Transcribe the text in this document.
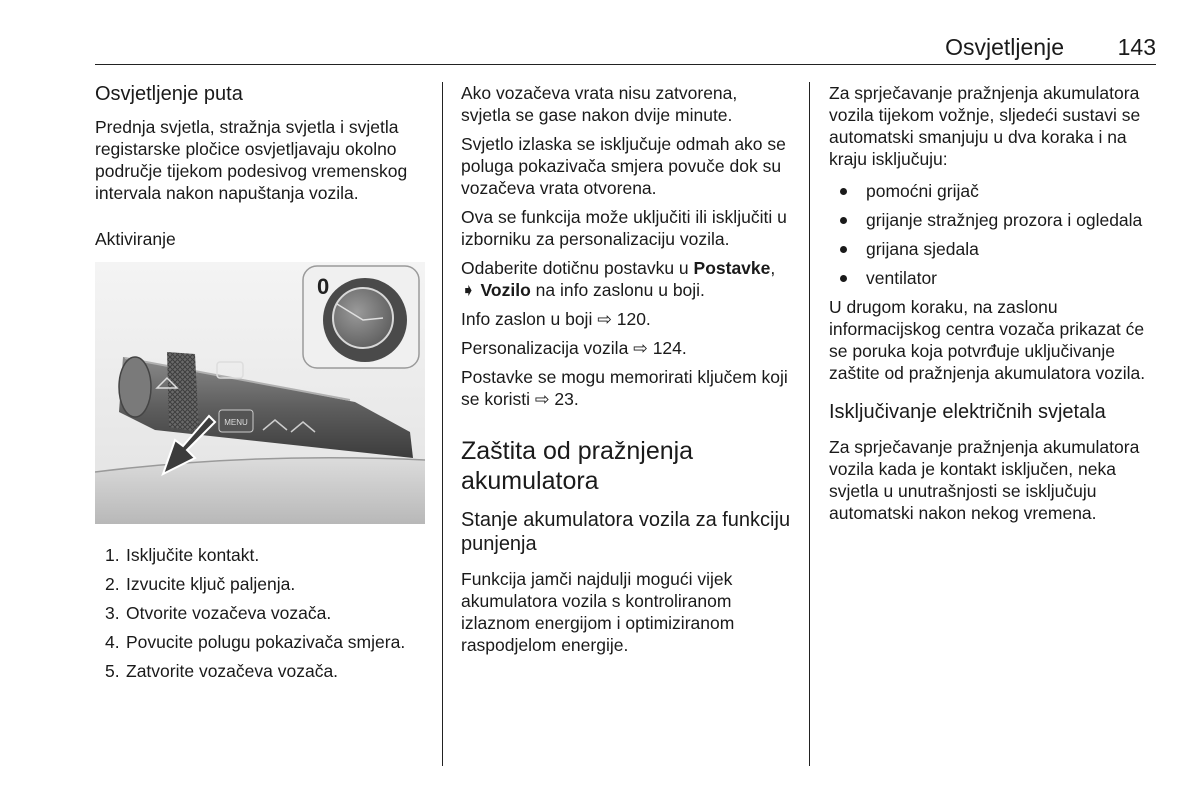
Osvjetljenje 143
Osvjetljenje puta

Prednja svjetla, stražnja svjetla i svjetla registarske pločice osvjetljavaju okolno područje tijekom podesivog vremenskog intervala nakon napuštanja vozila.

Aktiviranje
MENU
0
1. Isključite kontakt.
2. Izvucite ključ paljenja.
3. Otvorite vozačeva vozača.
4. Povucite polugu pokazivača smjera.
5. Zatvorite vozačeva vozača.

Ako vozačeva vrata nisu zatvorena, svjetla se gase nakon dvije minute.

Svjetlo izlaska se isključuje odmah ako se poluga pokazivača smjera povuče dok su vozačeva vrata otvorena.

Ova se funkcija može uključiti ili isključiti u izborniku za personalizaciju vozila.

Odaberite dotičnu postavku u Postavke, ➧ Vozilo na info zaslonu u boji.

Info zaslon u boji ⇨ 120.

Personalizacija vozila ⇨ 124.

Postavke se mogu memorirati ključem koji se koristi ⇨ 23.

Zaštita od pražnjenja akumulatora
Stanje akumulatora vozila za funkciju punjenja

Funkcija jamči najdulji mogući vijek akumulatora vozila s kontroliranom izlaznom energijom i optimiziranom raspodjelom energije.

Za sprječavanje pražnjenja akumulatora vozila tijekom vožnje, sljedeći sustavi se automatski smanjuju u dva koraka i na kraju isključuju:

pomoćni grijač
grijanje stražnjeg prozora i ogledala
grijana sjedala
ventilator

U drugom koraku, na zaslonu informacijskog centra vozača prikazat će se poruka koja potvrđuje uključivanje zaštite od pražnjenja akumulatora vozila.

Isključivanje električnih svjetala

Za sprječavanje pražnjenja akumulatora vozila kada je kontakt isključen, neka svjetla u unutrašnjosti se isključuju automatski nakon nekog vremena.
